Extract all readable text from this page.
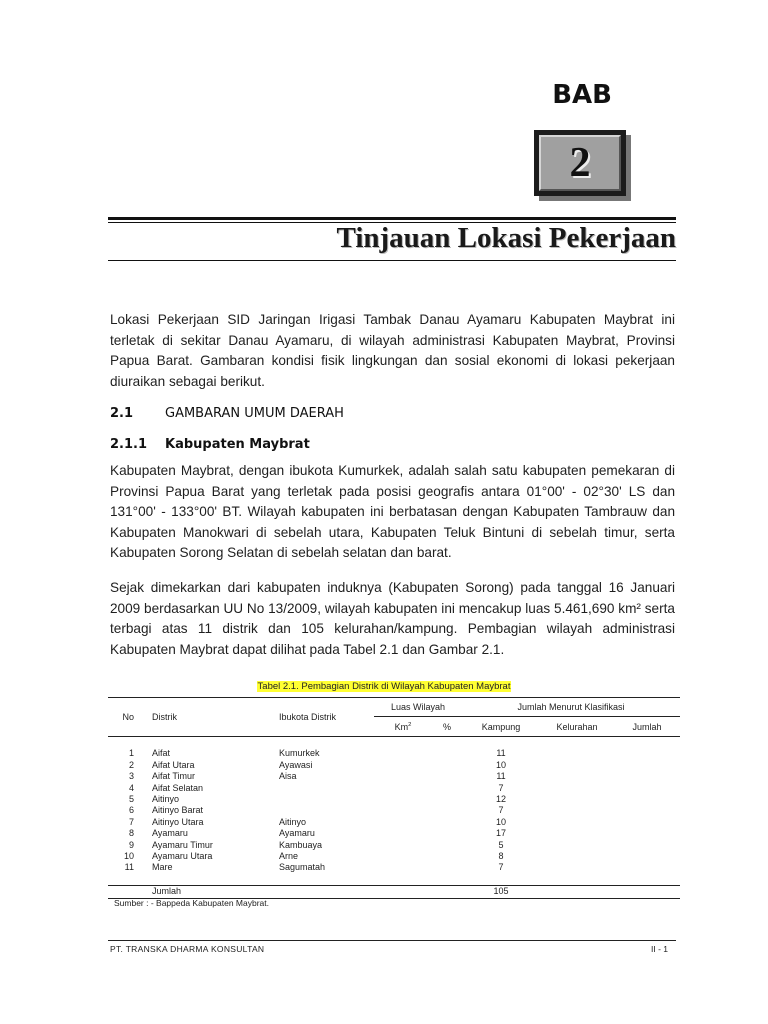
BAB
2
Tinjauan Lokasi Pekerjaan

Lokasi Pekerjaan SID Jaringan Irigasi Tambak Danau Ayamaru Kabupaten Maybrat ini terletak di sekitar Danau Ayamaru, di wilayah administrasi Kabupaten Maybrat, Provinsi Papua Barat. Gambaran kondisi fisik lingkungan dan sosial ekonomi di lokasi pekerjaan diuraikan sebagai berikut.

2.1 GAMBARAN UMUM DAERAH
2.1.1 Kabupaten Maybrat

Kabupaten Maybrat, dengan ibukota Kumurkek, adalah salah satu kabupaten pemekaran di Provinsi Papua Barat yang terletak pada posisi geografis antara 01°00' - 02°30' LS dan 131°00' - 133°00' BT. Wilayah kabupaten ini berbatasan dengan Kabupaten Tambrauw dan Kabupaten Manokwari di sebelah utara, Kabupaten Teluk Bintuni di sebelah timur, serta Kabupaten Sorong Selatan di sebelah selatan dan barat.

Sejak dimekarkan dari kabupaten induknya (Kabupaten Sorong) pada tanggal 16 Januari 2009 berdasarkan UU No 13/2009, wilayah kabupaten ini mencakup luas 5.461,690 km² serta terbagi atas 11 distrik dan 105 kelurahan/kampung. Pembagian wilayah administrasi Kabupaten Maybrat dapat dilihat pada Tabel 2.1 dan Gambar 2.1.

Tabel 2.1. Pembagian Distrik di Wilayah Kabupaten Maybrat
No		Distrik	Ibukota Distrik	Luas Wilayah		Jumlah Menurut Klasifikasi		
				Km$^2$	%	Kampung	Kelurahan	Jumlah

1		Aifat	Kumurkek			11		
2		Aifat Utara	Ayawasi			10		
3		Aifat Timur	Aisa			11		
4		Aifat Selatan				7		
5		Aitinyo				12		
6		Aitinyo Barat				7		
7		Aitinyo Utara	Aitinyo			10		
8		Ayamaru	Ayamaru			17		
9		Ayamaru Timur	Kambuaya			5		
10		Ayamaru Utara	Arne			8		
11		Mare	Sagumatah			7		

		Jumlah				105		
Sumber : - Bappeda Kabupaten Maybrat.
PT. TRANSKA DHARMA KONSULTAN	II - 1
